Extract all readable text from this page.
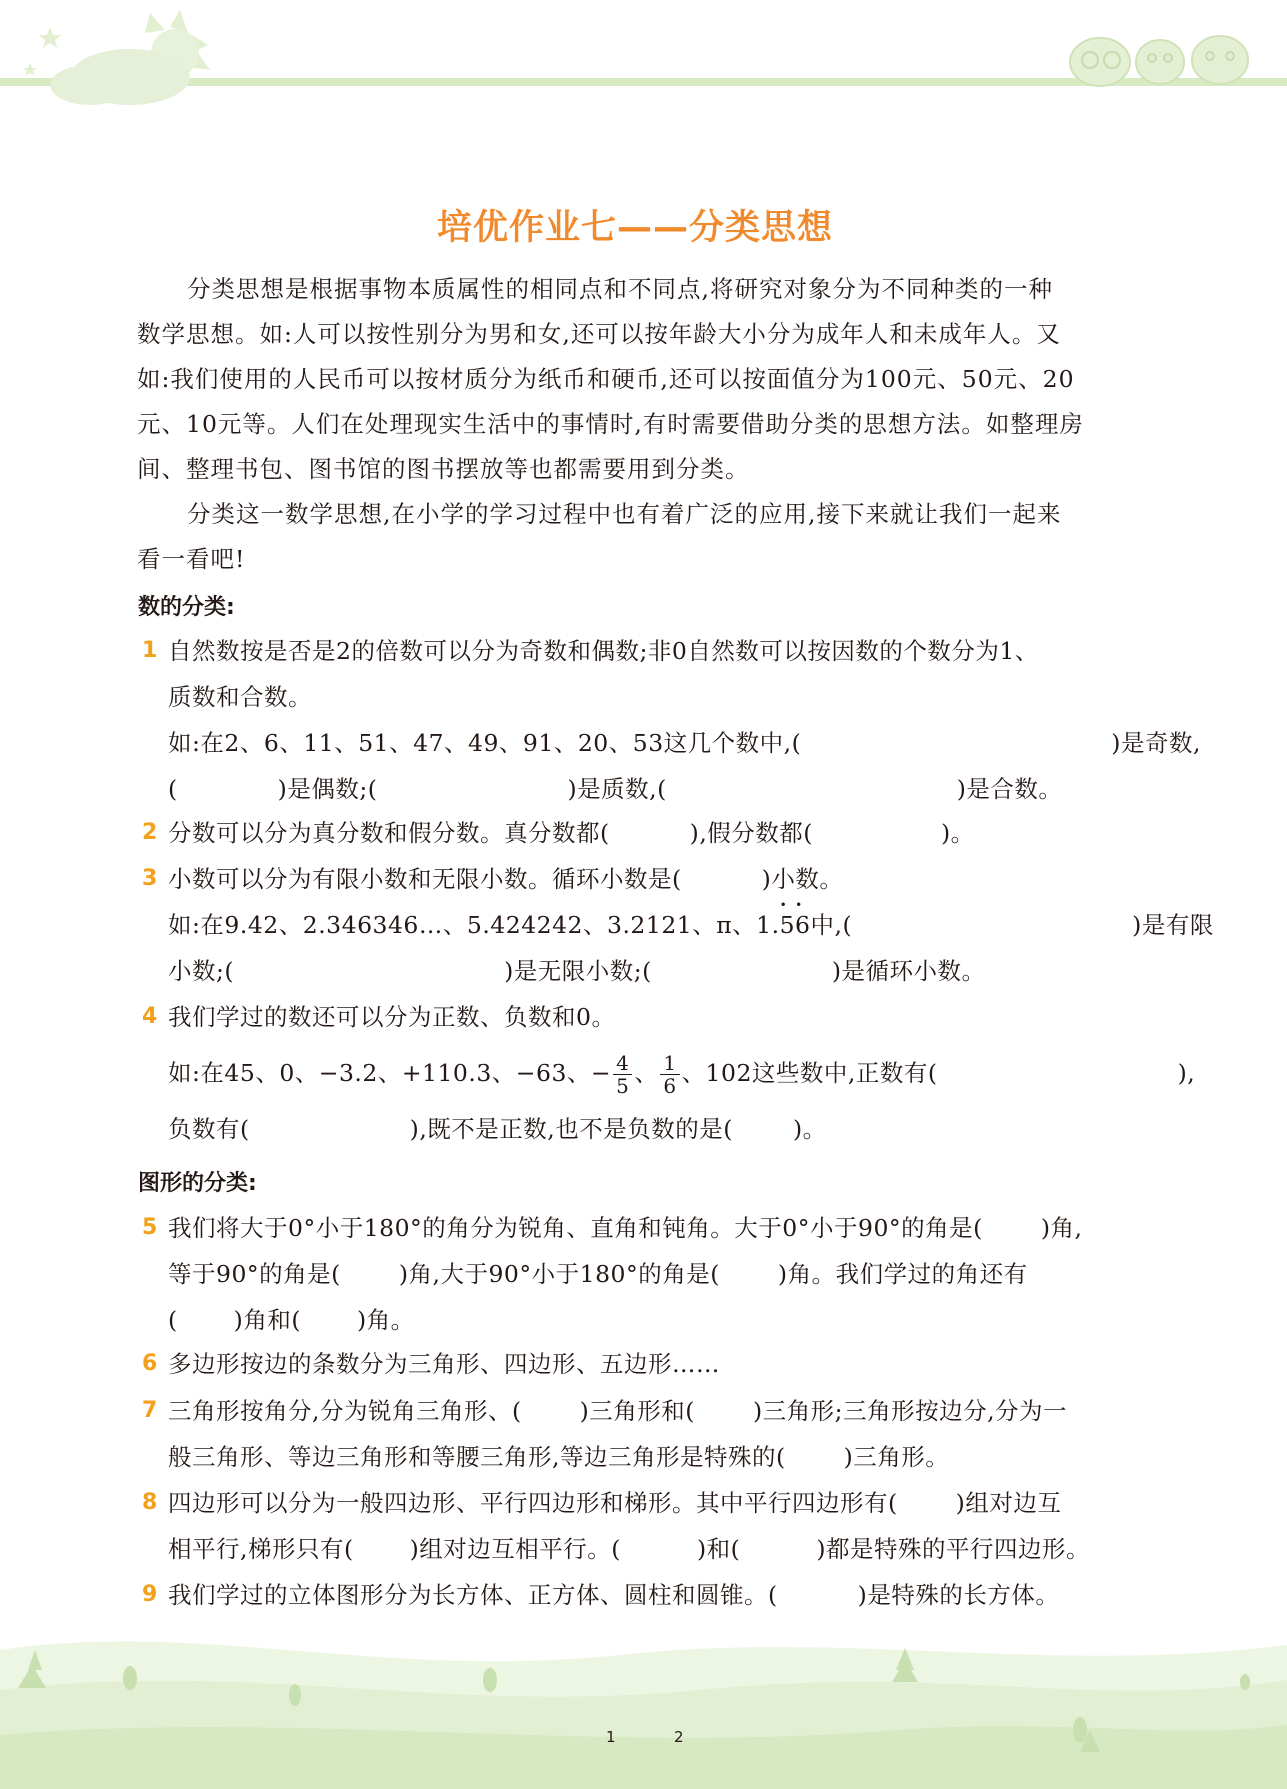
培优作业七——分类思想
分类思想是根据事物本质属性的相同点和不同点,将研究对象分为不同种类的一种
数学思想。如:人可以按性别分为男和女,还可以按年龄大小分为成年人和未成年人。又
如:我们使用的人民币可以按材质分为纸币和硬币,还可以按面值分为100元、50元、20
元、10元等。人们在处理现实生活中的事情时,有时需要借助分类的思想方法。如整理房
间、整理书包、图书馆的图书摆放等也都需要用到分类。
分类这一数学思想,在小学的学习过程中也有着广泛的应用,接下来就让我们一起来
看一看吧!
数的分类:
1 自然数按是否是2的倍数可以分为奇数和偶数;非0自然数可以按因数的个数分为1、
质数和合数。
如:在2、6、11、51、47、49、91、20、53这几个数中,(	)是奇数,
(	)是偶数;(	)是质数,(	)是合数。
2 分数可以分为真分数和假分数。真分数都(	),假分数都(	)。
3 小数可以分为有限小数和无限小数。循环小数是(	)小数。
如:在9.42、2.346346…、5.424242、3.2121、π、1.• • 56中,(	)是有限
小数;(	)是无限小数;(	)是循环小数。
4 我们学过的数还可以分为正数、负数和0。
如:在45、0、−3.2、+110.3、−63、− $\frac{4}{5}$ 、 $\frac{1}{6}$ 、102这些数中,正数有(	),
负数有(	),既不是正数,也不是负数的是(	)。
图形的分类:
5 我们将大于0°小于180°的角分为锐角、直角和钝角。大于0°小于90°的角是( )角,
等于90°的角是( )角,大于90°小于180°的角是( )角。我们学过的角还有
( )角和( )角。
6 多边形按边的条数分为三角形、四边形、五边形……
7 三角形按角分,分为锐角三角形、( )三角形和( )三角形;三角形按边分,分为一
般三角形、等边三角形和等腰三角形,等边三角形是特殊的( )三角形。
8 四边形可以分为一般四边形、平行四边形和梯形。其中平行四边形有( )组对边互
相平行,梯形只有( )组对边互相平行。(	)和(	)都是特殊的平行四边形。
9 我们学过的立体图形分为长方体、正方体、圆柱和圆锥。(	)是特殊的长方体。
1	2
